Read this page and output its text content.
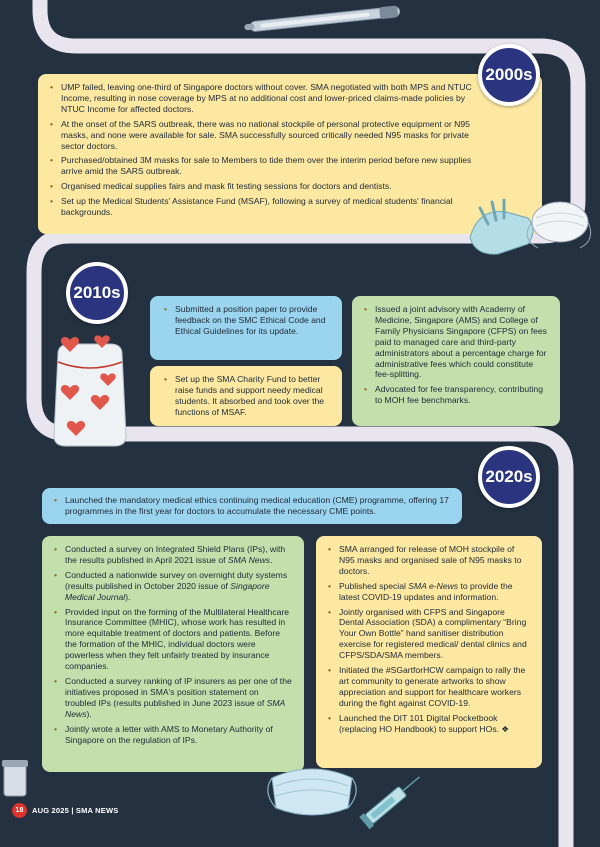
• UMP failed, leaving one-third of Singapore doctors without cover. SMA negotiated with both MPS and NTUC Income, resulting in nose coverage by MPS at no additional cost and lower-priced claims-made policies by NTUC Income for affected doctors.
• At the onset of the SARS outbreak, there was no national stockpile of personal protective equipment or N95 masks, and none were available for sale. SMA successfully sourced critically needed N95 masks for private sector doctors.
• Purchased/obtained 3M masks for sale to Members to tide them over the interim period before new supplies arrive amid the SARS outbreak.
• Organised medical supplies fairs and mask fit testing sessions for doctors and dentists.
• Set up the Medical Students' Assistance Fund (MSAF), following a survey of medical students' financial backgrounds.
2000s
2010s
• Submitted a position paper to provide feedback on the SMC Ethical Code and Ethical Guidelines for its update.
• Set up the SMA Charity Fund to better raise funds and support needy medical students. It absorbed and took over the functions of MSAF.
• Issued a joint advisory with Academy of Medicine, Singapore (AMS) and College of Family Physicians Singapore (CFPS) on fees paid to managed care and third-party administrators about a percentage charge for administrative fees which could constitute fee-splitting.
• Advocated for fee transparency, contributing to MOH fee benchmarks.
2020s
• Launched the mandatory medical ethics continuing medical education (CME) programme, offering 17 programmes in the first year for doctors to accumulate the necessary CME points.
• Conducted a survey on Integrated Shield Plans (IPs), with the results published in April 2021 issue of SMA News.
• Conducted a nationwide survey on overnight duty systems (results published in October 2020 issue of Singapore Medical Journal).
• Provided input on the forming of the Multilateral Healthcare Insurance Committee (MHIC), whose work has resulted in more equitable treatment of doctors and patients. Before the formation of the MHIC, individual doctors were powerless when they felt unfairly treated by insurance companies.
• Conducted a survey ranking of IP insurers as per one of the initiatives proposed in SMA's position statement on troubled IPs (results published in June 2023 issue of SMA News).
• Jointly wrote a letter with AMS to Monetary Authority of Singapore on the regulation of IPs.
• SMA arranged for release of MOH stockpile of N95 masks and organised sale of N95 masks to doctors.
• Published special SMA e-News to provide the latest COVID-19 updates and information.
• Jointly organised with CFPS and Singapore Dental Association (SDA) a complimentary “Bring Your Own Bottle” hand sanitiser distribution exercise for registered medical/ dental clinics and CFPS/SDA/SMA members.
• Initiated the #SGartforHCW campaign to rally the art community to generate artworks to show appreciation and support for healthcare workers during the fight against COVID-19.
• Launched the DIT 101 Digital Pocketbook (replacing HO Handbook) to support HOs. ❖
18	AUG 2025 | SMA NEWS
